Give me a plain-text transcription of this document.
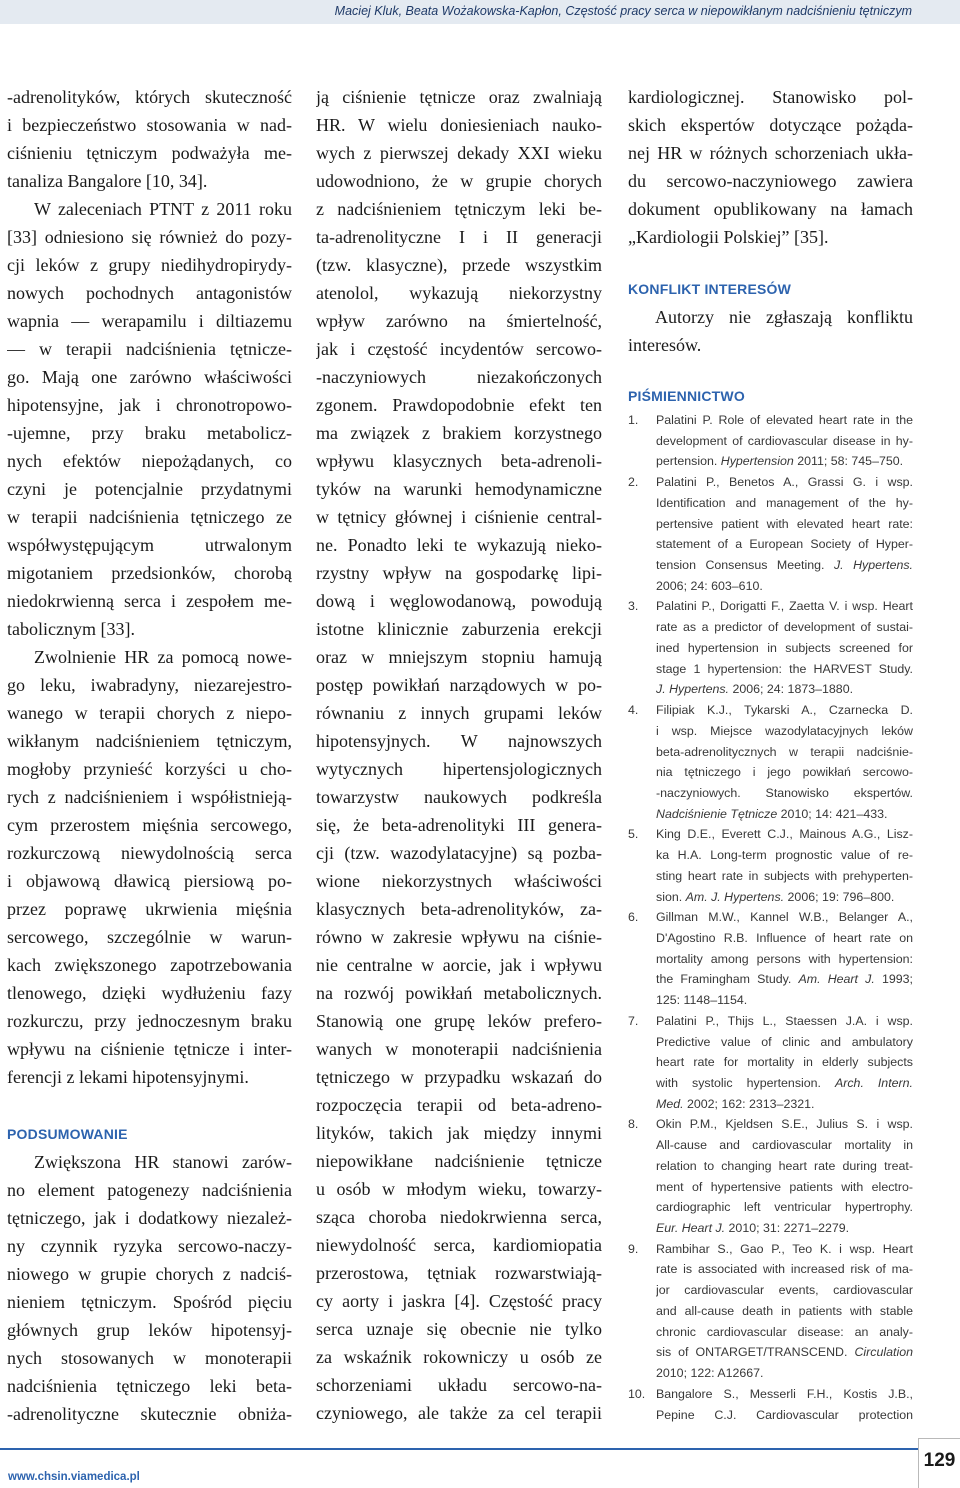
Maciej Kluk, Beata Wożakowska-Kapłon, Częstość pracy serca w niepowikłanym nadciśnieniu tętniczym
-adrenolityków, których skuteczność
i bezpieczeństwo stosowania w nad-
ciśnieniu tętniczym podważyła me-
tanaliza Bangalore [10, 34].
W zaleceniach PTNT z 2011 roku
[33] odniesiono się również do pozy-
cji leków z grupy niedihydropirydy-
nowych pochodnych antagonistów
wapnia — werapamilu i diltiazemu
— w terapii nadciśnienia tętnicze-
go. Mają one zarówno właściwości
hipotensyjne, jak i chronotropowo-
-ujemne, przy braku metabolicz-
nych efektów niepożądanych, co
czyni je potencjalnie przydatnymi
w terapii nadciśnienia tętniczego ze
współwystępującym utrwalonym
migotaniem przedsionków, chorobą
niedokrwienną serca i zespołem me-
tabolicznym [33].
Zwolnienie HR za pomocą nowe-
go leku, iwabradyny, niezarejestro-
wanego w terapii chorych z niepo-
wikłanym nadciśnieniem tętniczym,
mogłoby przynieść korzyści u cho-
rych z nadciśnieniem i współistnieją-
cym przerostem mięśnia sercowego,
rozkurczową niewydolnością serca
i objawową dławicą piersiową po-
przez poprawę ukrwienia mięśnia
sercowego, szczególnie w warun-
kach zwiększonego zapotrzebowania
tlenowego, dzięki wydłużeniu fazy
rozkurczu, przy jednoczesnym braku
wpływu na ciśnienie tętnicze i inter-
ferencji z lekami hipotensyjnymi.
PODSUMOWANIE
Zwiększona HR stanowi zarów-
no element patogenezy nadciśnienia
tętniczego, jak i dodatkowy niezależ-
ny czynnik ryzyka sercowo-naczy-
niowego w grupie chorych z nadciś-
nieniem tętniczym. Spośród pięciu
głównych grup leków hipotensyj-
nych stosowanych w monoterapii
nadciśnienia tętniczego leki beta-
-adrenolityczne skutecznie obniża-
ją ciśnienie tętnicze oraz zwalniają
HR. W wielu doniesieniach nauko-
wych z pierwszej dekady XXI wieku
udowodniono, że w grupie chorych
z nadciśnieniem tętniczym leki be-
ta-adrenolityczne I i II generacji
(tzw. klasyczne), przede wszystkim
atenolol, wykazują niekorzystny
wpływ zarówno na śmiertelność,
jak i częstość incydentów sercowo-
-naczyniowych niezakończonych
zgonem. Prawdopodobnie efekt ten
ma związek z brakiem korzystnego
wpływu klasycznych beta-adrenoli-
tyków na warunki hemodynamiczne
w tętnicy głównej i ciśnienie central-
ne. Ponadto leki te wykazują nieko-
rzystny wpływ na gospodarkę lipi-
dową i węglowodanową, powodują
istotne klinicznie zaburzenia erekcji
oraz w mniejszym stopniu hamują
postęp powikłań narządowych w po-
równaniu z innych grupami leków
hipotensyjnych. W najnowszych
wytycznych hipertensjologicznych
towarzystw naukowych podkreśla
się, że beta-adrenolityki III genera-
cji (tzw. wazodylatacyjne) są pozba-
wione niekorzystnych właściwości
klasycznych beta-adrenolityków, za-
równo w zakresie wpływu na ciśnie-
nie centralne w aorcie, jak i wpływu
na rozwój powikłań metabolicznych.
Stanowią one grupę leków prefero-
wanych w monoterapii nadciśnienia
tętniczego w przypadku wskazań do
rozpoczęcia terapii od beta-adreno-
lityków, takich jak między innymi
niepowikłane nadciśnienie tętnicze
u osób w młodym wieku, towarzy-
sząca choroba niedokrwienna serca,
niewydolność serca, kardiomiopatia
przerostowa, tętniak rozwarstwiają-
cy aorty i jaskra [4]. Częstość pracy
serca uznaje się obecnie nie tylko
za wskaźnik rokowniczy u osób ze
schorzeniami układu sercowo-na-
czyniowego, ale także za cel terapii
kardiologicznej. Stanowisko pol-
skich ekspertów dotyczące pożąda-
nej HR w różnych schorzeniach ukła-
du sercowo-naczyniowego zawiera
dokument opublikowany na łamach
„Kardiologii Polskiej” [35].
KONFLIKT INTERESÓW
Autorzy nie zgłaszają konfliktu
interesów.
PIŚMIENNICTWO
1. Palatini P. Role of elevated heart rate in the
development of cardiovascular disease in hy-
pertension. Hypertension 2011; 58: 745–750.
2. Palatini P., Benetos A., Grassi G. i wsp.
Identification and management of the hy-
pertensive patient with elevated heart rate:
statement of a European Society of Hyper-
tension Consensus Meeting. J. Hypertens.
2006; 24: 603–610.
3. Palatini P., Dorigatti F., Zaetta V. i wsp. Heart
rate as a predictor of development of sustai-
ined hypertension in subjects screened for
stage 1 hypertension: the HARVEST Study.
J. Hypertens. 2006; 24: 1873–1880.
4. Filipiak K.J., Tykarski A., Czarnecka D.
i wsp. Miejsce wazodylatacyjnych leków
beta-adrenolitycznych w terapii nadciśnie-
nia tętniczego i jego powikłań sercowo-
-naczyniowych. Stanowisko ekspertów.
Nadciśnienie Tętnicze 2010; 14: 421–433.
5. King D.E., Everett C.J., Mainous A.G., Lisz-
ka H.A. Long-term prognostic value of re-
sting heart rate in subjects with prehyperten-
sion. Am. J. Hypertens. 2006; 19: 796–800.
6. Gillman M.W., Kannel W.B., Belanger A.,
D'Agostino R.B. Influence of heart rate on
mortality among persons with hypertension:
the Framingham Study. Am. Heart J. 1993;
125: 1148–1154.
7. Palatini P., Thijs L., Staessen J.A. i wsp.
Predictive value of clinic and ambulatory
heart rate for mortality in elderly subjects
with systolic hypertension. Arch. Intern.
Med. 2002; 162: 2313–2321.
8. Okin P.M., Kjeldsen S.E., Julius S. i wsp.
All-cause and cardiovascular mortality in
relation to changing heart rate during treat-
ment of hypertensive patients with electro-
cardiographic left ventricular hypertrophy.
Eur. Heart J. 2010; 31: 2271–2279.
9. Rambihar S., Gao P., Teo K. i wsp. Heart
rate is associated with increased risk of ma-
jor cardiovascular events, cardiovascular
and all-cause death in patients with stable
chronic cardiovascular disease: an analy-
sis of ONTARGET/TRANSCEND. Circulation
2010; 122: A12667.
10. Bangalore S., Messerli F.H., Kostis J.B.,
Pepine C.J. Cardiovascular protection
www.chsin.viamedica.pl
129
